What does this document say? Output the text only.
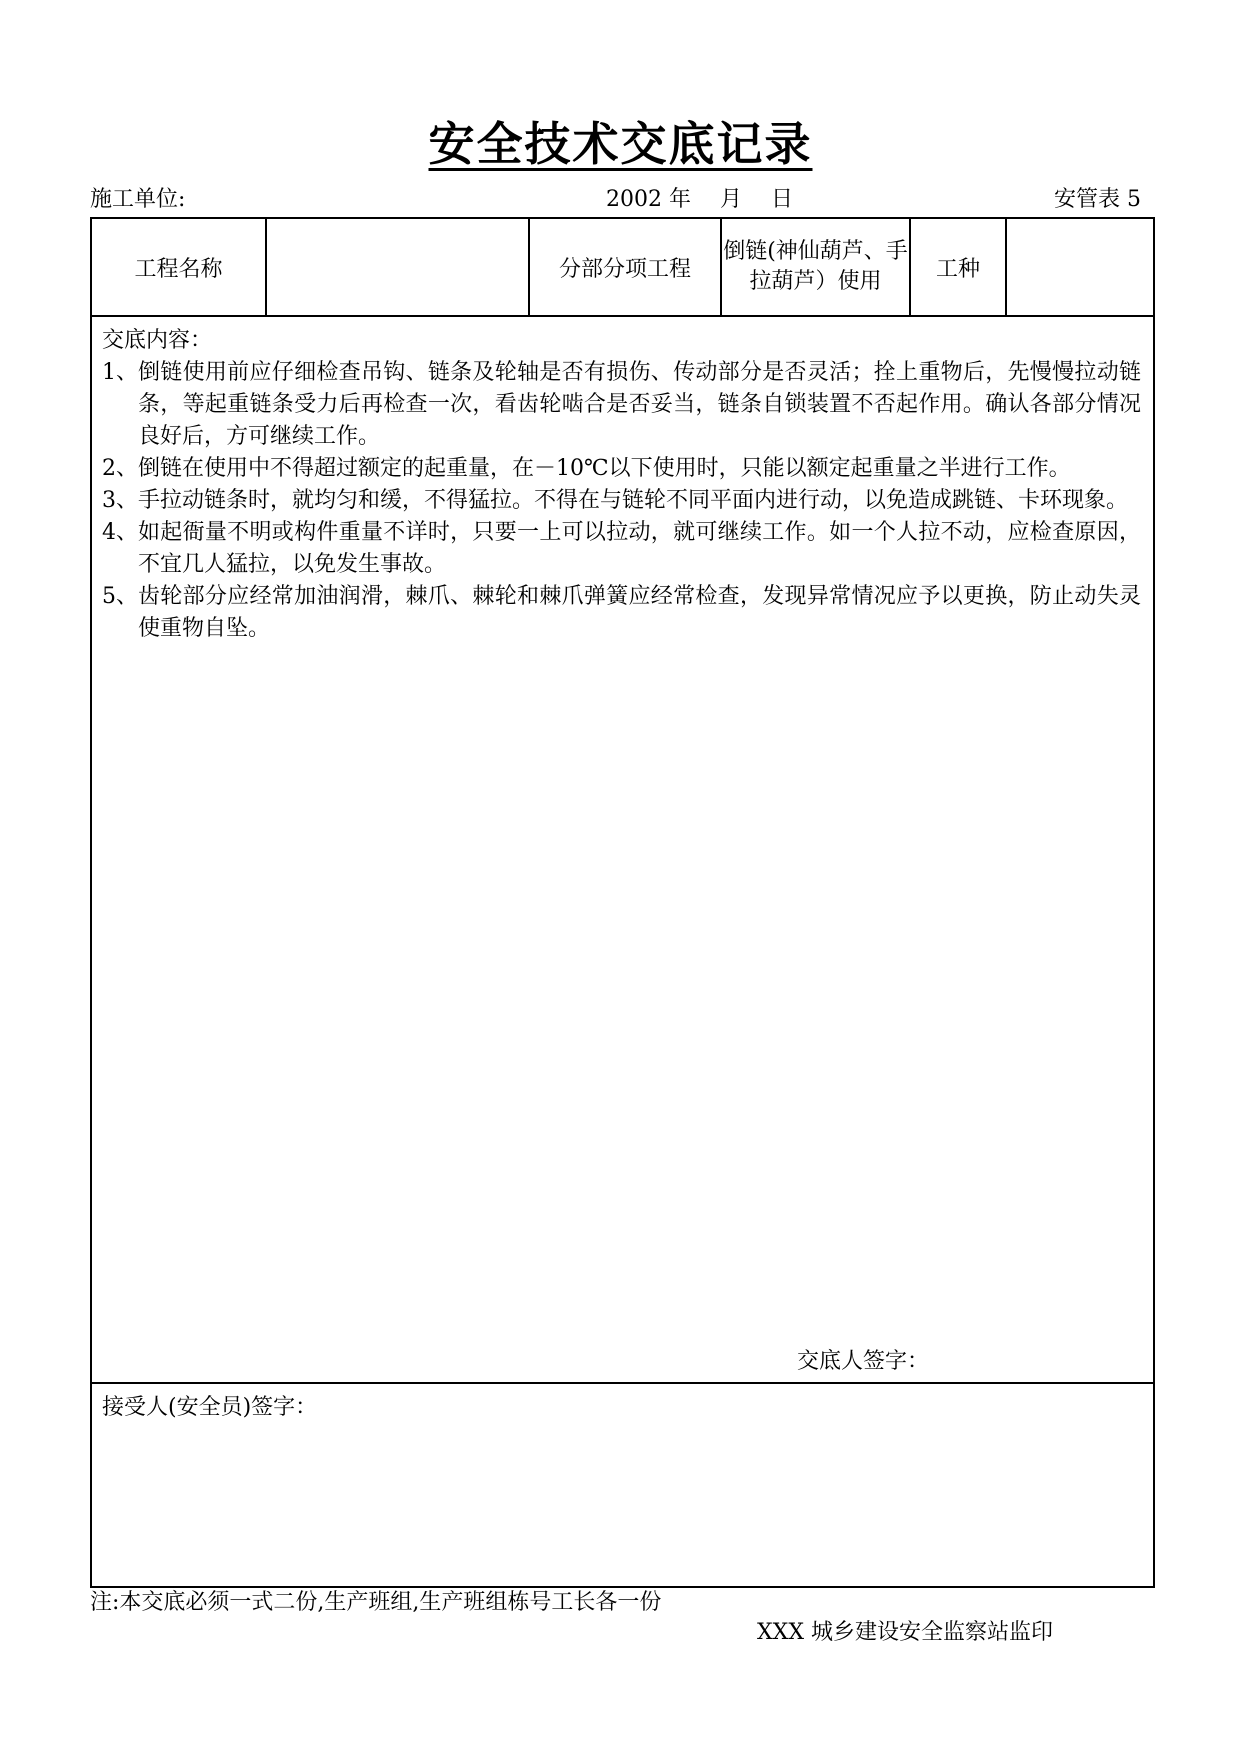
安全技术交底记录
施工单位:	2002 年　 月　 日	安管表 5
工程名称		分部分项工程	倒链(神仙葫芦、手拉葫芦）使用	工种	

交底内容：
1、 倒链使用前应仔细检查吊钩、链条及轮轴是否有损伤、传动部分是否灵活；拴上重物后，先慢慢拉动链条，等起重链条受力后再检查一次，看齿轮啮合是否妥当，链条自锁装置不否起作用。确认各部分情况良好后，方可继续工作。
2、 倒链在使用中不得超过额定的起重量，在－10℃以下使用时，只能以额定起重量之半进行工作。
3、 手拉动链条时，就均匀和缓，不得猛拉。不得在与链轮不同平面内进行动，以免造成跳链、卡环现象。
4、 如起衙量不明或构件重量不详时，只要一上可以拉动，就可继续工作。如一个人拉不动，应检查原因，不宜几人猛拉，以免发生事故。
5、 齿轮部分应经常加油润滑，棘爪、棘轮和棘爪弹簧应经常检查，发现异常情况应予以更换，防止动失灵使重物自坠。
交底人签字：

接受人(安全员)签字：
注:本交底必须一式二份,生产班组,生产班组栋号工长各一份
XXX 城乡建设安全监察站监印
